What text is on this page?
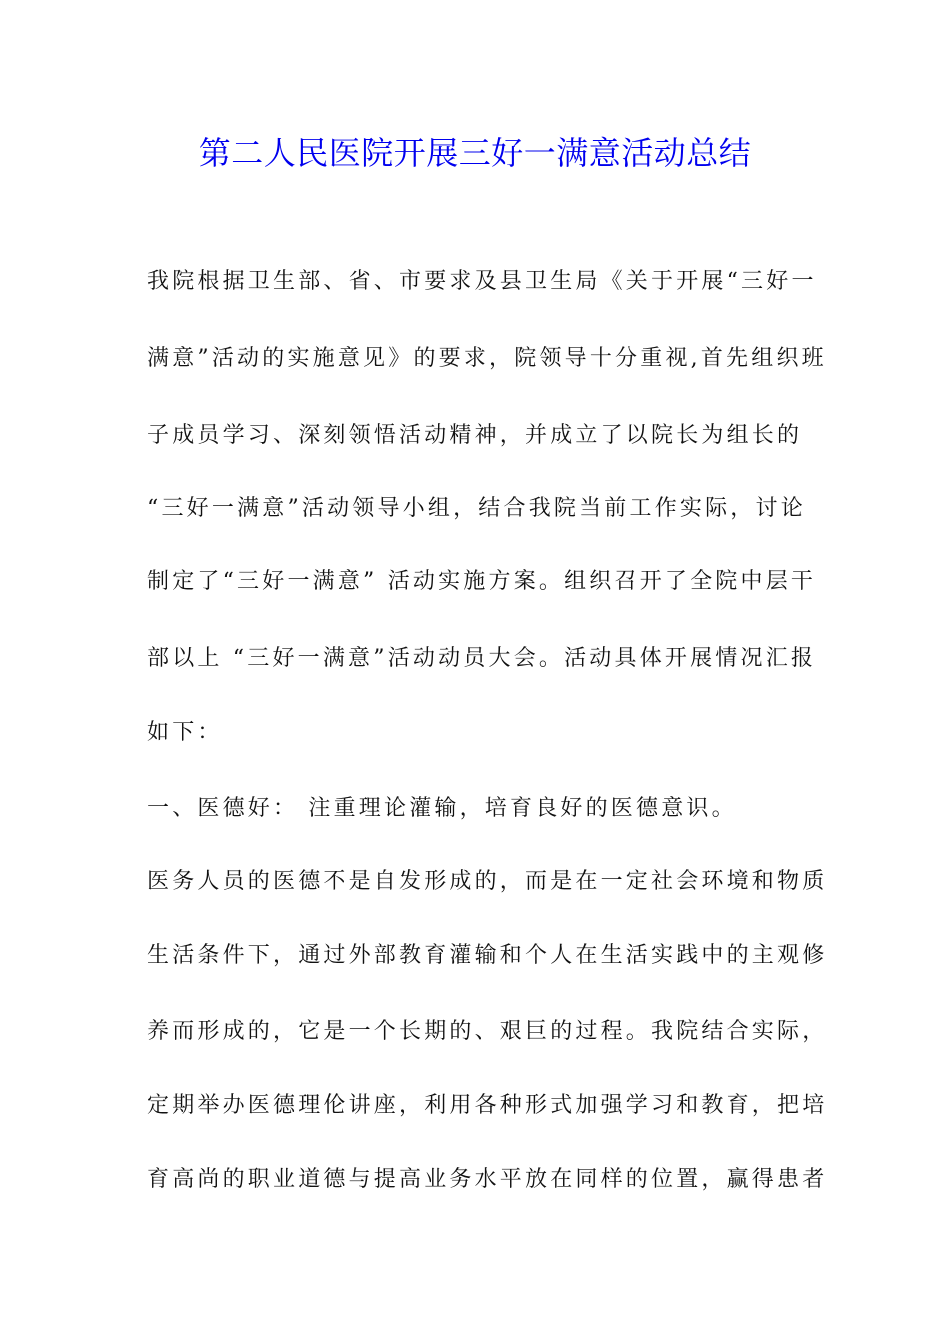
第二人民医院开展三好一满意活动总结

我院根据卫生部、省、市要求及县卫生局《关于开展“三好一

满意”活动的实施意见》的要求，院领导十分重视,首先组织班

子成员学习、深刻领悟活动精神，并成立了以院长为组长的

“三好一满意”活动领导小组，结合我院当前工作实际，讨论

制定了“三好一满意” 活动实施方案。组织召开了全院中层干

部以上 “三好一满意”活动动员大会。活动具体开展情况汇报

如下：

一、医德好： 注重理论灌输，培育良好的医德意识。

医务人员的医德不是自发形成的，而是在一定社会环境和物质

生活条件下，通过外部教育灌输和个人在生活实践中的主观修

养而形成的，它是一个长期的、艰巨的过程。我院结合实际，

定期举办医德理伦讲座，利用各种形式加强学习和教育，把培

育高尚的职业道德与提高业务水平放在同样的位置，赢得患者
